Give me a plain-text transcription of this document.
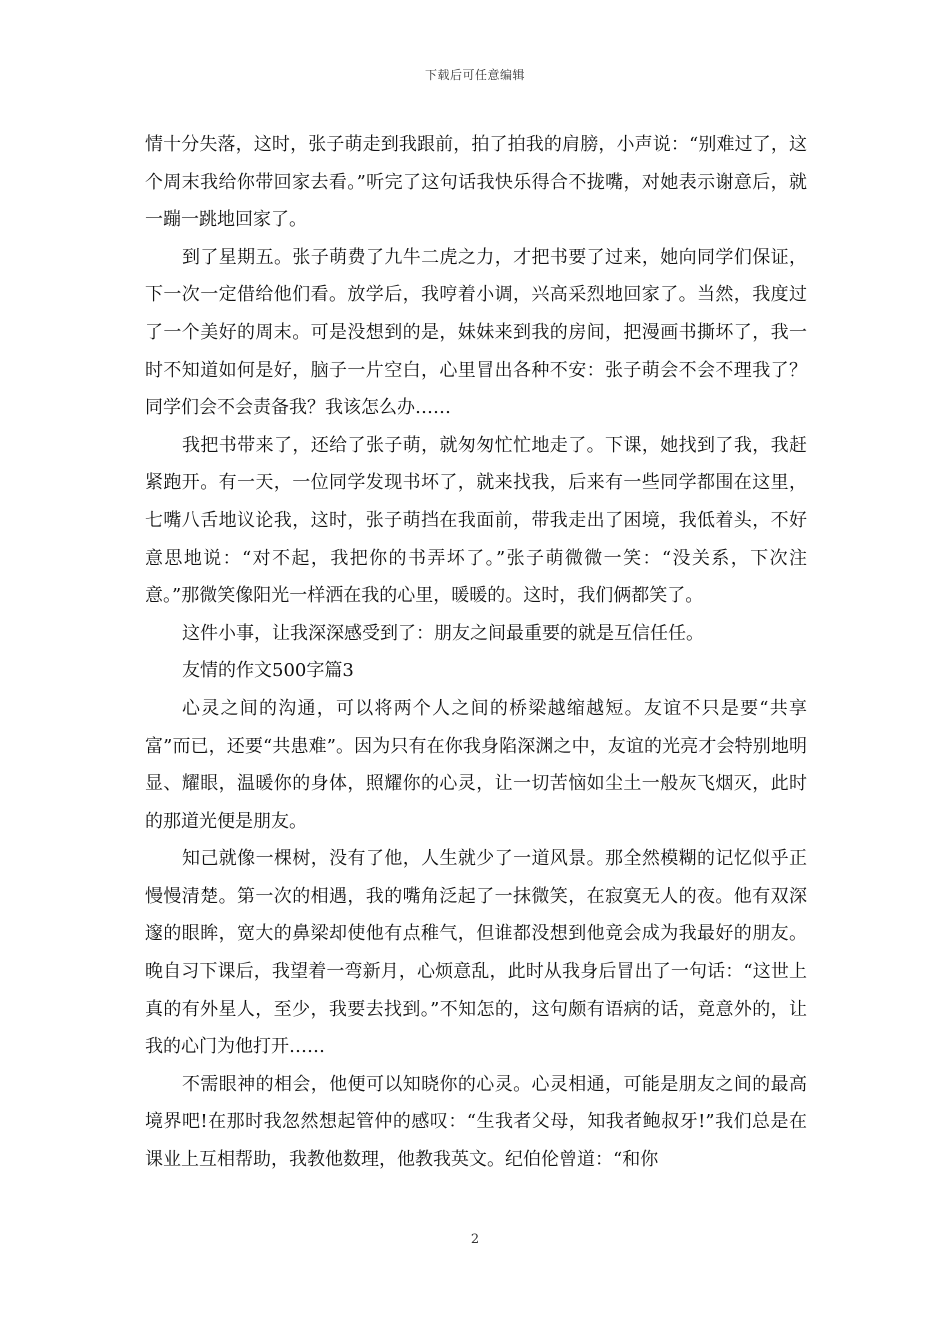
下载后可任意编辑

情十分失落，这时，张子萌走到我跟前，拍了拍我的肩膀，小声说：“别难过了，这个周末我给你带回家去看。”听完了这句话我快乐得合不拢嘴，对她表示谢意后，就一蹦一跳地回家了。

到了星期五。张子萌费了九牛二虎之力，才把书要了过来，她向同学们保证，下一次一定借给他们看。放学后，我哼着小调，兴高采烈地回家了。当然，我度过了一个美好的周末。可是没想到的是，妹妹来到我的房间，把漫画书撕坏了，我一时不知道如何是好，脑子一片空白，心里冒出各种不安：张子萌会不会不理我了？同学们会不会责备我？我该怎么办……

我把书带来了，还给了张子萌，就匆匆忙忙地走了。下课，她找到了我，我赶紧跑开。有一天，一位同学发现书坏了，就来找我，后来有一些同学都围在这里，七嘴八舌地议论我，这时，张子萌挡在我面前，带我走出了困境，我低着头，不好意思地说：“对不起，我把你的书弄坏了。”张子萌微微一笑：“没关系，下次注意。”那微笑像阳光一样洒在我的心里，暖暖的。这时，我们俩都笑了。

这件小事，让我深深感受到了：朋友之间最重要的就是互信任任。

友情的作文500字篇3

心灵之间的沟通，可以将两个人之间的桥梁越缩越短。友谊不只是要“共享富”而已，还要“共患难”。因为只有在你我身陷深渊之中，友谊的光亮才会特别地明显、耀眼，温暖你的身体，照耀你的心灵，让一切苦恼如尘土一般灰飞烟灭，此时的那道光便是朋友。

知己就像一棵树，没有了他，人生就少了一道风景。那全然模糊的记忆似乎正慢慢清楚。第一次的相遇，我的嘴角泛起了一抹微笑，在寂寞无人的夜。他有双深邃的眼眸，宽大的鼻梁却使他有点稚气，但谁都没想到他竟会成为我最好的朋友。晚自习下课后，我望着一弯新月，心烦意乱，此时从我身后冒出了一句话：“这世上真的有外星人，至少，我要去找到。”不知怎的，这句颇有语病的话，竟意外的，让我的心门为他打开……

不需眼神的相会，他便可以知晓你的心灵。心灵相通，可能是朋友之间的最高境界吧!在那时我忽然想起管仲的感叹：“生我者父母，知我者鲍叔牙!”我们总是在课业上互相帮助，我教他数理，他教我英文。纪伯伦曾道：“和你

2
